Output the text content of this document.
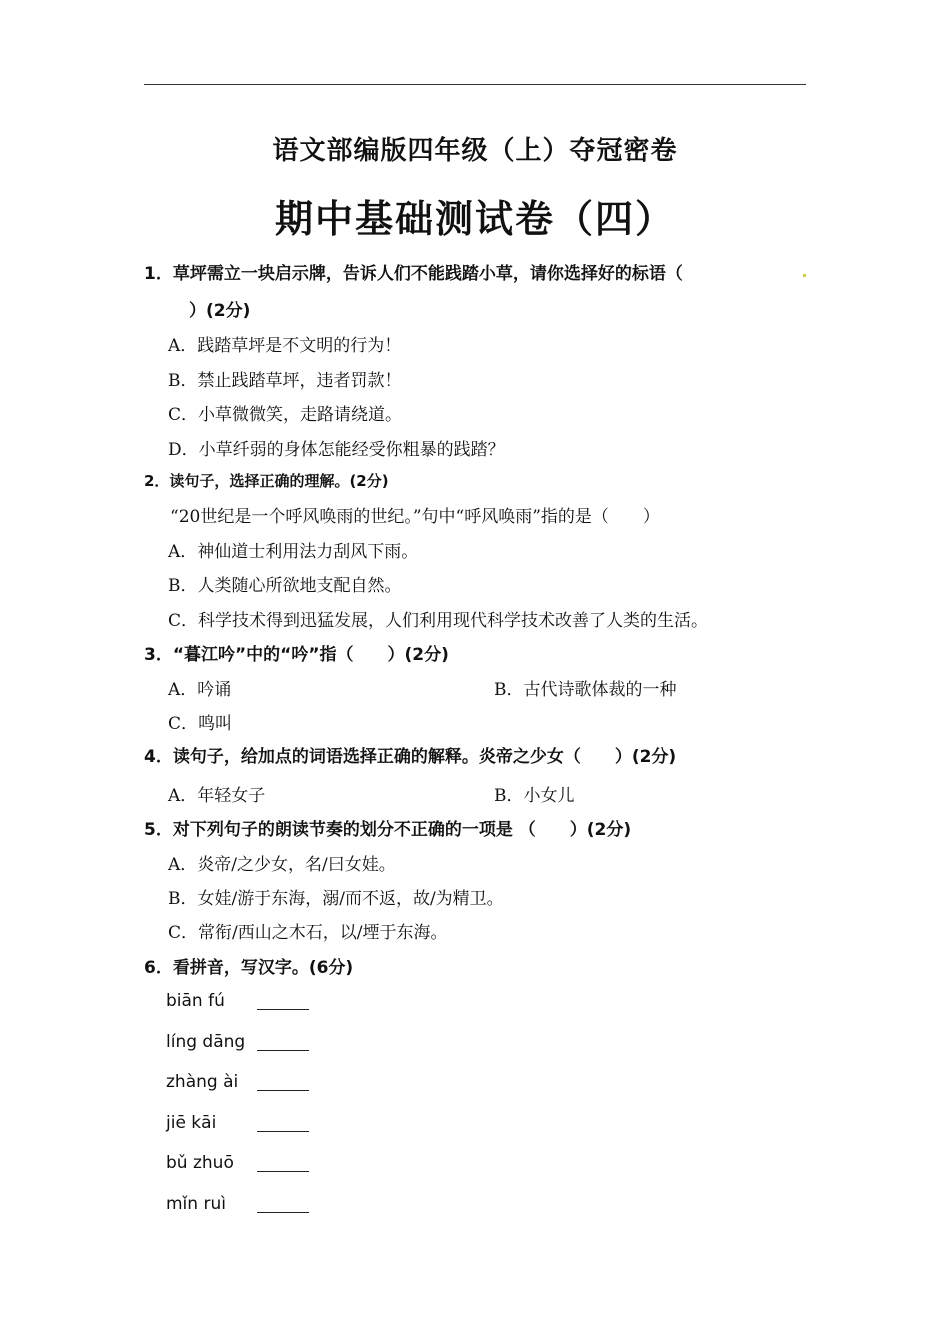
语文部编版四年级（上）夺冠密卷
期中基础测试卷（四）
1．草坪需立一块启示牌，告诉人们不能践踏小草，请你选择好的标语（
）(2分)
A．践踏草坪是不文明的行为！
B．禁止践踏草坪，违者罚款！
C．小草微微笑，走路请绕道。
D．小草纤弱的身体怎能经受你粗暴的践踏？
2．读句子，选择正确的理解。(2分)
“20世纪是一个呼风唤雨的世纪。”句中“呼风唤雨”指的是（　　）
A．神仙道士利用法力刮风下雨。
B．人类随心所欲地支配自然。
C．科学技术得到迅猛发展，人们利用现代科学技术改善了人类的生活。
3．“暮江吟”中的“吟”指（　　）(2分)
A．吟诵	B．古代诗歌体裁的一种
C．鸣叫
4．读句子，给加点的词语选择正确的解释。炎帝之少女（　　）(2分)
A．年轻女子	B．小女儿
5．对下列句子的朗读节奏的划分不正确的一项是 （　　）(2分)
A．炎帝/之少女，名/曰女娃。
B．女娃/游于东海，溺/而不返，故/为精卫。
C．常衔/西山之木石，以/堙于东海。
6．看拼音，写汉字。(6分)
biān fú
líng dāng
zhàng ài
jiē kāi
bǔ zhuō
mǐn ruì
